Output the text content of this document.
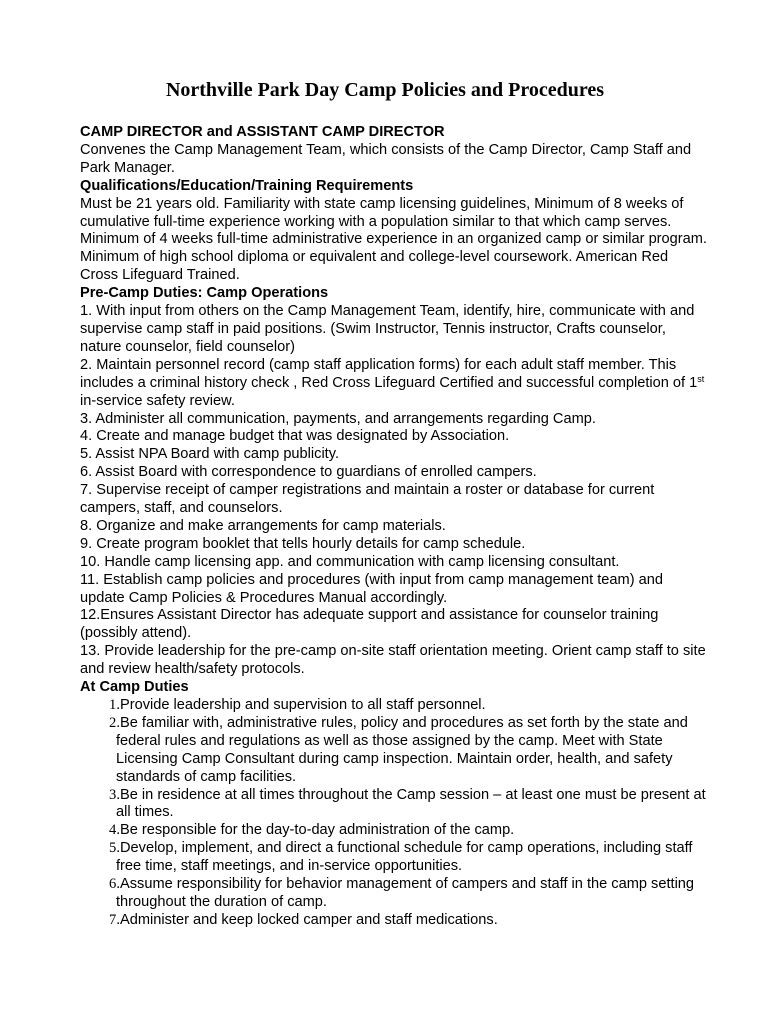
Northville Park Day Camp Policies and Procedures

CAMP DIRECTOR and ASSISTANT CAMP DIRECTOR

Convenes the Camp Management Team, which consists of the Camp Director, Camp Staff and Park Manager.

Qualifications/Education/Training Requirements

Must be 21 years old. Familiarity with state camp licensing guidelines, Minimum of 8 weeks of cumulative full-time experience working with a population similar to that which camp serves. Minimum of 4 weeks full-time administrative experience in an organized camp or similar program. Minimum of high school diploma or equivalent and college-level coursework. American Red Cross Lifeguard Trained.

Pre-Camp Duties: Camp Operations

1. With input from others on the Camp Management Team, identify, hire, communicate with and supervise camp staff in paid positions. (Swim Instructor, Tennis instructor, Crafts counselor, nature counselor, field counselor)

2. Maintain personnel record (camp staff application forms) for each adult staff member. This includes a criminal history check , Red Cross Lifeguard Certified and successful completion of 1st in-service safety review.

3. Administer all communication, payments, and arrangements regarding Camp.

4. Create and manage budget that was designated by Association.

5. Assist NPA Board with camp publicity.

6. Assist Board with correspondence to guardians of enrolled campers.

7. Supervise receipt of camper registrations and maintain a roster or database for current campers, staff, and counselors.

8. Organize and make arrangements for camp materials.

9. Create program booklet that tells hourly details for camp schedule.

10. Handle camp licensing app. and communication with camp licensing consultant.

11. Establish camp policies and procedures (with input from camp management team) and update Camp Policies & Procedures Manual accordingly.

12.Ensures Assistant Director has adequate support and assistance for counselor training (possibly attend).

13. Provide leadership for the pre-camp on-site staff orientation meeting. Orient camp staff to site and review health/safety protocols.

At Camp Duties

1.Provide leadership and supervision to all staff personnel.
2.Be familiar with, administrative rules, policy and procedures as set forth by the state and federal rules and regulations as well as those assigned by the camp. Meet with State Licensing Camp Consultant during camp inspection. Maintain order, health, and safety standards of camp facilities.
3.Be in residence at all times throughout the Camp session – at least one must be present at all times.
4.Be responsible for the day-to-day administration of the camp.
5.Develop, implement, and direct a functional schedule for camp operations, including staff free time, staff meetings, and in-service opportunities.
6.Assume responsibility for behavior management of campers and staff in the camp setting throughout the duration of camp.
7.Administer and keep locked camper and staff medications.
